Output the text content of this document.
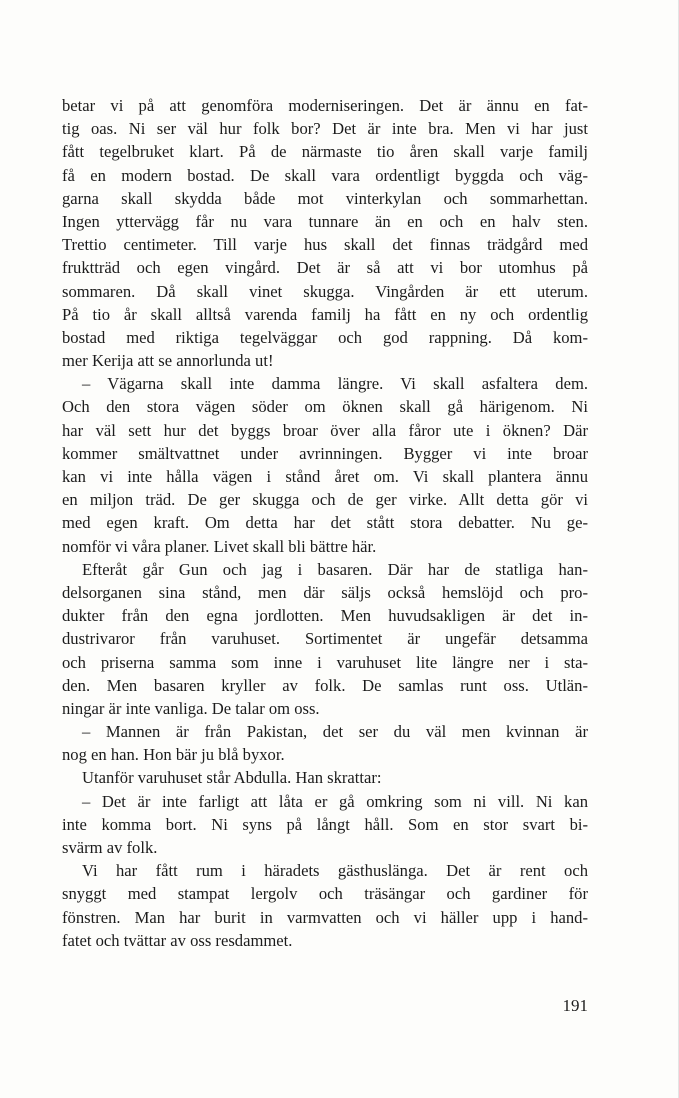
betar vi på att genomföra moderniseringen. Det är ännu en fat-
tig oas. Ni ser väl hur folk bor? Det är inte bra. Men vi har just
fått tegelbruket klart. På de närmaste tio åren skall varje familj
få en modern bostad. De skall vara ordentligt byggda och väg-
garna skall skydda både mot vinterkylan och sommarhettan.
Ingen yttervägg får nu vara tunnare än en och en halv sten.
Trettio centimeter. Till varje hus skall det finnas trädgård med
fruktträd och egen vingård. Det är så att vi bor utomhus på
sommaren. Då skall vinet skugga. Vingården är ett uterum.
På tio år skall alltså varenda familj ha fått en ny och ordentlig
bostad med riktiga tegelväggar och god rappning. Då kom-
mer Kerija att se annorlunda ut!
– Vägarna skall inte damma längre. Vi skall asfaltera dem.
Och den stora vägen söder om öknen skall gå härigenom. Ni
har väl sett hur det byggs broar över alla fåror ute i öknen? Där
kommer smältvattnet under avrinningen. Bygger vi inte broar
kan vi inte hålla vägen i stånd året om. Vi skall plantera ännu
en miljon träd. De ger skugga och de ger virke. Allt detta gör vi
med egen kraft. Om detta har det stått stora debatter. Nu ge-
nomför vi våra planer. Livet skall bli bättre här.
Efteråt går Gun och jag i basaren. Där har de statliga han-
delsorganen sina stånd, men där säljs också hemslöjd och pro-
dukter från den egna jordlotten. Men huvudsakligen är det in-
dustrivaror från varuhuset. Sortimentet är ungefär detsamma
och priserna samma som inne i varuhuset lite längre ner i sta-
den. Men basaren kryller av folk. De samlas runt oss. Utlän-
ningar är inte vanliga. De talar om oss.
– Mannen är från Pakistan, det ser du väl men kvinnan är
nog en han. Hon bär ju blå byxor.
Utanför varuhuset står Abdulla. Han skrattar:
– Det är inte farligt att låta er gå omkring som ni vill. Ni kan
inte komma bort. Ni syns på långt håll. Som en stor svart bi-
svärm av folk.
Vi har fått rum i häradets gästhuslänga. Det är rent och
snyggt med stampat lergolv och träsängar och gardiner för
fönstren. Man har burit in varmvatten och vi häller upp i hand-
fatet och tvättar av oss resdammet.
191
